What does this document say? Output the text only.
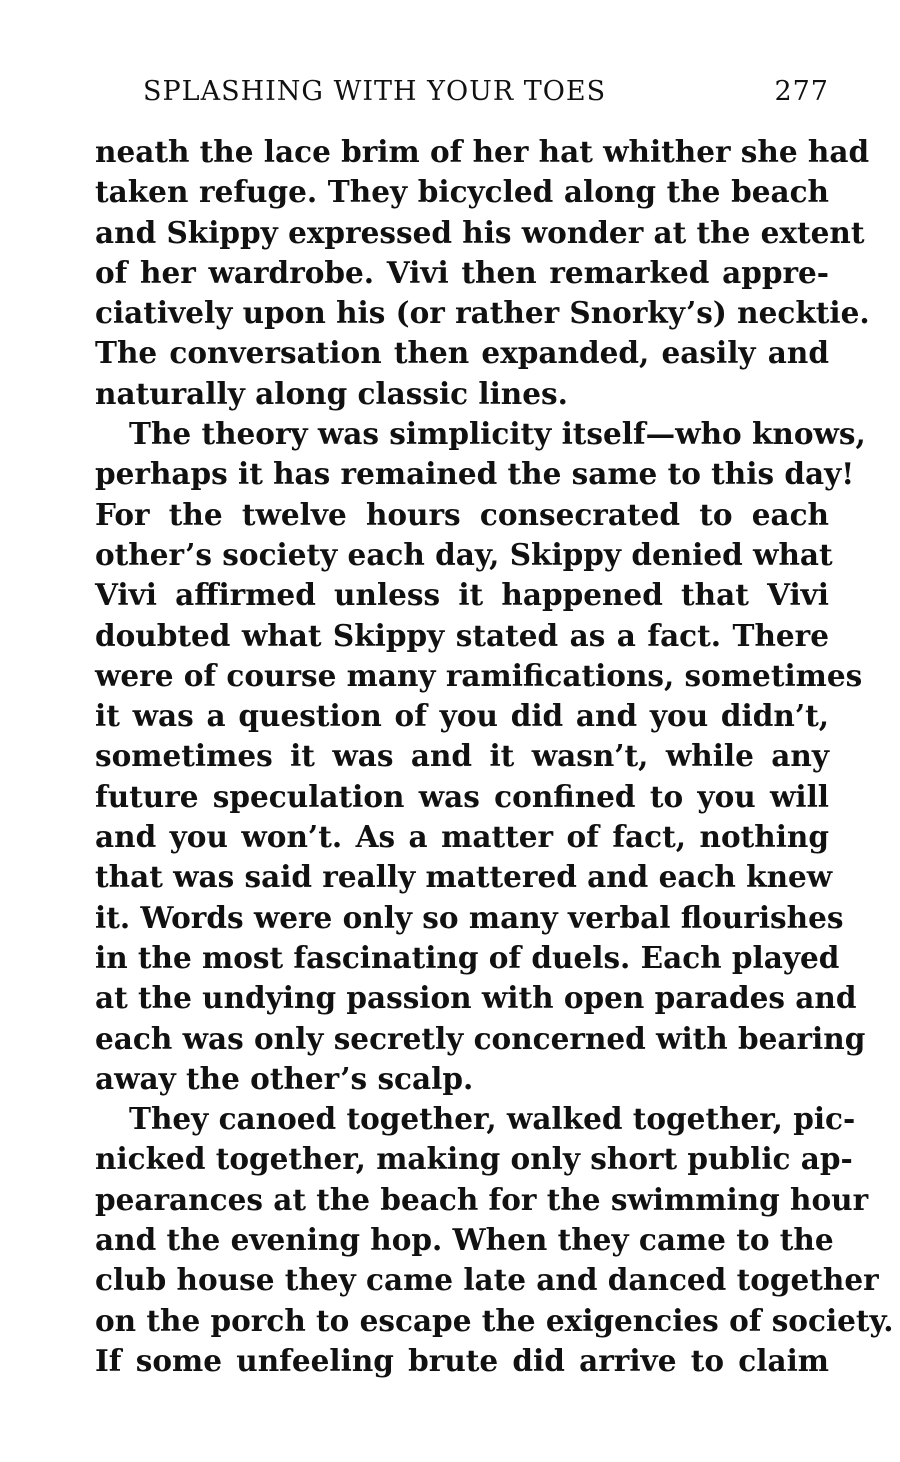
SPLASHING WITH YOUR TOES	277

neath the lace brim of her hat whither she had
taken refuge. They bicycled along the beach
and Skippy expressed his wonder at the extent
of her wardrobe. Vivi then remarked appre-
ciatively upon his (or rather Snorky’s) necktie.
The conversation then expanded, easily and
naturally along classic lines.

The theory was simplicity itself—who knows,
perhaps it has remained the same to this day!
For the twelve hours consecrated to each
other’s society each day, Skippy denied what
Vivi affirmed unless it happened that Vivi
doubted what Skippy stated as a fact. There
were of course many ramifications, sometimes
it was a question of you did and you didn’t,
sometimes it was and it wasn’t, while any
future speculation was confined to you will
and you won’t. As a matter of fact, nothing
that was said really mattered and each knew
it. Words were only so many verbal flourishes
in the most fascinating of duels. Each played
at the undying passion with open parades and
each was only secretly concerned with bearing
away the other’s scalp.

They canoed together, walked together, pic-
nicked together, making only short public ap-
pearances at the beach for the swimming hour
and the evening hop. When they came to the
club house they came late and danced together
on the porch to escape the exigencies of society.
If some unfeeling brute did arrive to claim
